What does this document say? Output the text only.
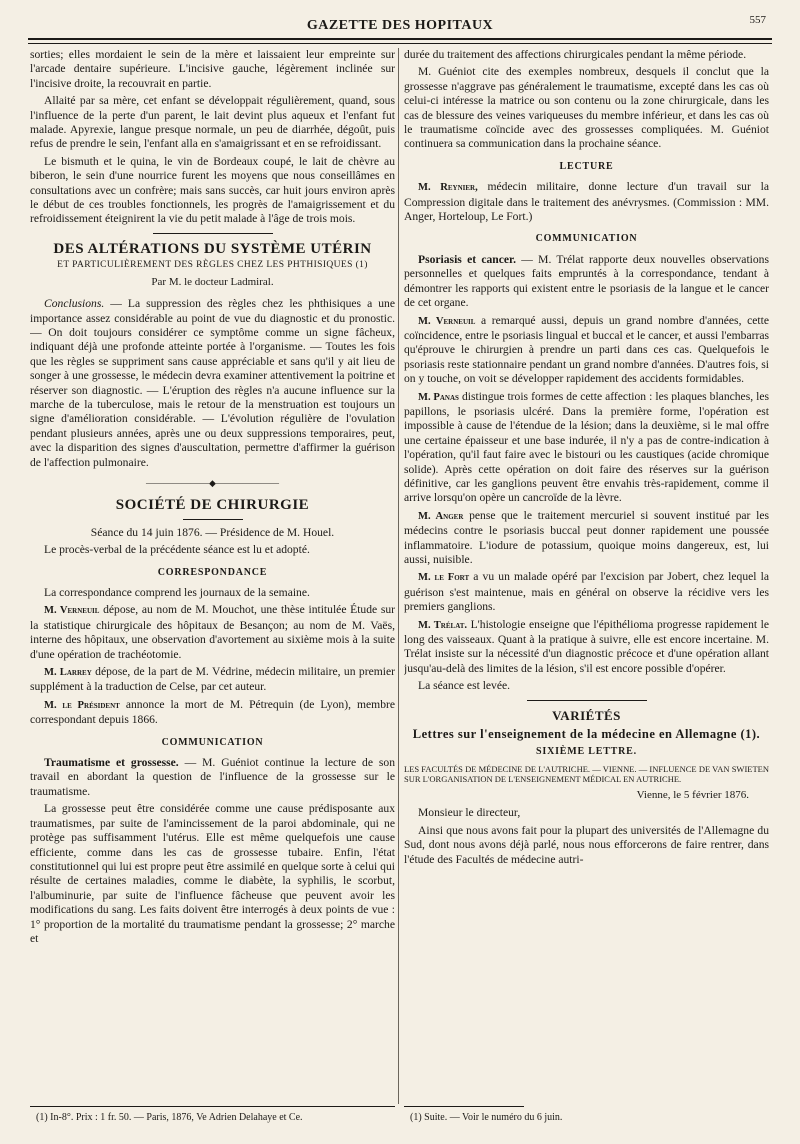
GAZETTE DES HOPITAUX	557

sorties; elles mordaient le sein de la mère et laissaient leur empreinte sur l'arcade dentaire supérieure. L'incisive gauche, légèrement inclinée sur l'incisive droite, la recouvrait en partie.

Allaité par sa mère, cet enfant se développait régulièrement, quand, sous l'influence de la perte d'un parent, le lait devint plus aqueux et l'enfant fut malade. Apyrexie, langue presque normale, un peu de diarrhée, dégoût, puis refus de prendre le sein, l'enfant alla en s'amaigrissant et en se refroidissant.

Le bismuth et le quina, le vin de Bordeaux coupé, le lait de chèvre au biberon, le sein d'une nourrice furent les moyens que nous conseillâmes en consultations avec un confrère; mais sans succès, car huit jours environ après le début de ces troubles fonctionnels, les progrès de l'amaigrissement et du refroidissement éteignirent la vie du petit malade à l'âge de trois mois.

DES ALTÉRATIONS DU SYSTÈME UTÉRIN
ET PARTICULIÈREMENT DES RÈGLES CHEZ LES PHTHISIQUES (1)
Par M. le docteur Ladmiral.

Conclusions. — La suppression des règles chez les phthisiques a une importance assez considérable au point de vue du diagnostic et du pronostic. — On doit toujours considérer ce symptôme comme un signe fâcheux, indiquant déjà une profonde atteinte portée à l'organisme. — Toutes les fois que les règles se suppriment sans cause appréciable et sans qu'il y ait lieu de songer à une grossesse, le médecin devra examiner attentivement la poitrine et réserver son diagnostic. — L'éruption des règles n'a aucune influence sur la marche de la tuberculose, mais le retour de la menstruation est toujours un signe d'amélioration considérable. — L'évolution régulière de l'ovulation pendant plusieurs années, après une ou deux suppressions temporaires, peut, avec la disparition des signes d'auscultation, permettre d'affirmer la guérison de l'affection pulmonaire.

———————◆———————
SOCIÉTÉ DE CHIRURGIE

Séance du 14 juin 1876. — Présidence de M. Houel.

Le procès-verbal de la précédente séance est lu et adopté.

CORRESPONDANCE

La correspondance comprend les journaux de la semaine.

M. Verneuil dépose, au nom de M. Mouchot, une thèse intitulée Étude sur la statistique chirurgicale des hôpitaux de Besançon; au nom de M. Vaës, interne des hôpitaux, une observation d'avortement au sixième mois à la suite d'une opération de trachéotomie.

M. Larrey dépose, de la part de M. Védrine, médecin militaire, un premier supplément à la traduction de Celse, par cet auteur.

M. le Président annonce la mort de M. Pétrequin (de Lyon), membre correspondant depuis 1866.

COMMUNICATION

Traumatisme et grossesse. — M. Guéniot continue la lecture de son travail en abordant la question de l'influence de la grossesse sur le traumatisme.

La grossesse peut être considérée comme une cause prédisposante aux traumatismes, par suite de l'amincissement de la paroi abdominale, qui ne protège pas suffisamment l'utérus. Elle est même quelquefois une cause efficiente, comme dans les cas de grossesse tubaire. Enfin, l'état constitutionnel qui lui est propre peut être assimilé en quelque sorte à celui qui résulte de certaines maladies, comme le diabète, la syphilis, le scorbut, l'albuminurie, par suite de l'influence fâcheuse que peuvent avoir les modifications du sang. Les faits doivent être interrogés à deux points de vue : 1° proportion de la mortalité du traumatisme pendant la grossesse; 2° marche et

durée du traitement des affections chirurgicales pendant la même période.

M. Guéniot cite des exemples nombreux, desquels il conclut que la grossesse n'aggrave pas généralement le traumatisme, excepté dans les cas où celui-ci intéresse la matrice ou son contenu ou la zone chirurgicale, dans les cas de blessure des veines variqueuses du membre inférieur, et dans les cas où le traumatisme coïncide avec des grossesses compliquées. M. Guéniot continuera sa communication dans la prochaine séance.

LECTURE

M. Reynier, médecin militaire, donne lecture d'un travail sur la Compression digitale dans le traitement des anévrysmes. (Commission : MM. Anger, Horteloup, Le Fort.)

COMMUNICATION

Psoriasis et cancer. — M. Trélat rapporte deux nouvelles observations personnelles et quelques faits empruntés à la correspondance, tendant à démontrer les rapports qui existent entre le psoriasis de la langue et le cancer de cet organe.

M. Verneuil a remarqué aussi, depuis un grand nombre d'années, cette coïncidence, entre le psoriasis lingual et buccal et le cancer, et aussi l'embarras qu'éprouve le chirurgien à prendre un parti dans ces cas. Quelquefois le psoriasis reste stationnaire pendant un grand nombre d'années. D'autres fois, si on y touche, on voit se développer rapidement des accidents formidables.

M. Panas distingue trois formes de cette affection : les plaques blanches, les papillons, le psoriasis ulcéré. Dans la première forme, l'opération est impossible à cause de l'étendue de la lésion; dans la deuxième, si le mal offre une certaine épaisseur et une base indurée, il n'y a pas de contre-indication à l'opération, qu'il faut faire avec le bistouri ou les caustiques (acide chromique solide). Après cette opération on doit faire des réserves sur la guérison définitive, car les ganglions peuvent être envahis très-rapidement, comme il arrive lorsqu'on opère un cancroïde de la lèvre.

M. Anger pense que le traitement mercuriel si souvent institué par les médecins contre le psoriasis buccal peut donner rapidement une poussée inflammatoire. L'iodure de potassium, quoique moins dangereux, est, lui aussi, nuisible.

M. le Fort a vu un malade opéré par l'excision par Jobert, chez lequel la guérison s'est maintenue, mais en général on observe la récidive vers les premiers ganglions.

M. Trélat. L'histologie enseigne que l'épithélioma progresse rapidement le long des vaisseaux. Quant à la pratique à suivre, elle est encore incertaine. M. Trélat insiste sur la nécessité d'un diagnostic précoce et d'une opération allant jusqu'au-delà des limites de la lésion, s'il est encore possible d'opérer.

La séance est levée.

VARIÉTÉS
Lettres sur l'enseignement de la médecine en Allemagne (1).
SIXIÈME LETTRE.

LES FACULTÉS DE MÉDECINE DE L'AUTRICHE. — VIENNE. — INFLUENCE DE VAN SWIETEN SUR L'ORGANISATION DE L'ENSEIGNEMENT MÉDICAL EN AUTRICHE.

Vienne, le 5 février 1876.

Monsieur le directeur,

Ainsi que nous avons fait pour la plupart des universités de l'Allemagne du Sud, dont nous avons déjà parlé, nous nous efforcerons de faire rentrer, dans l'étude des Facultés de médecine autri-

(1) In-8°. Prix : 1 fr. 50. — Paris, 1876, Ve Adrien Delahaye et Ce.	(1) Suite. — Voir le numéro du 6 juin.
